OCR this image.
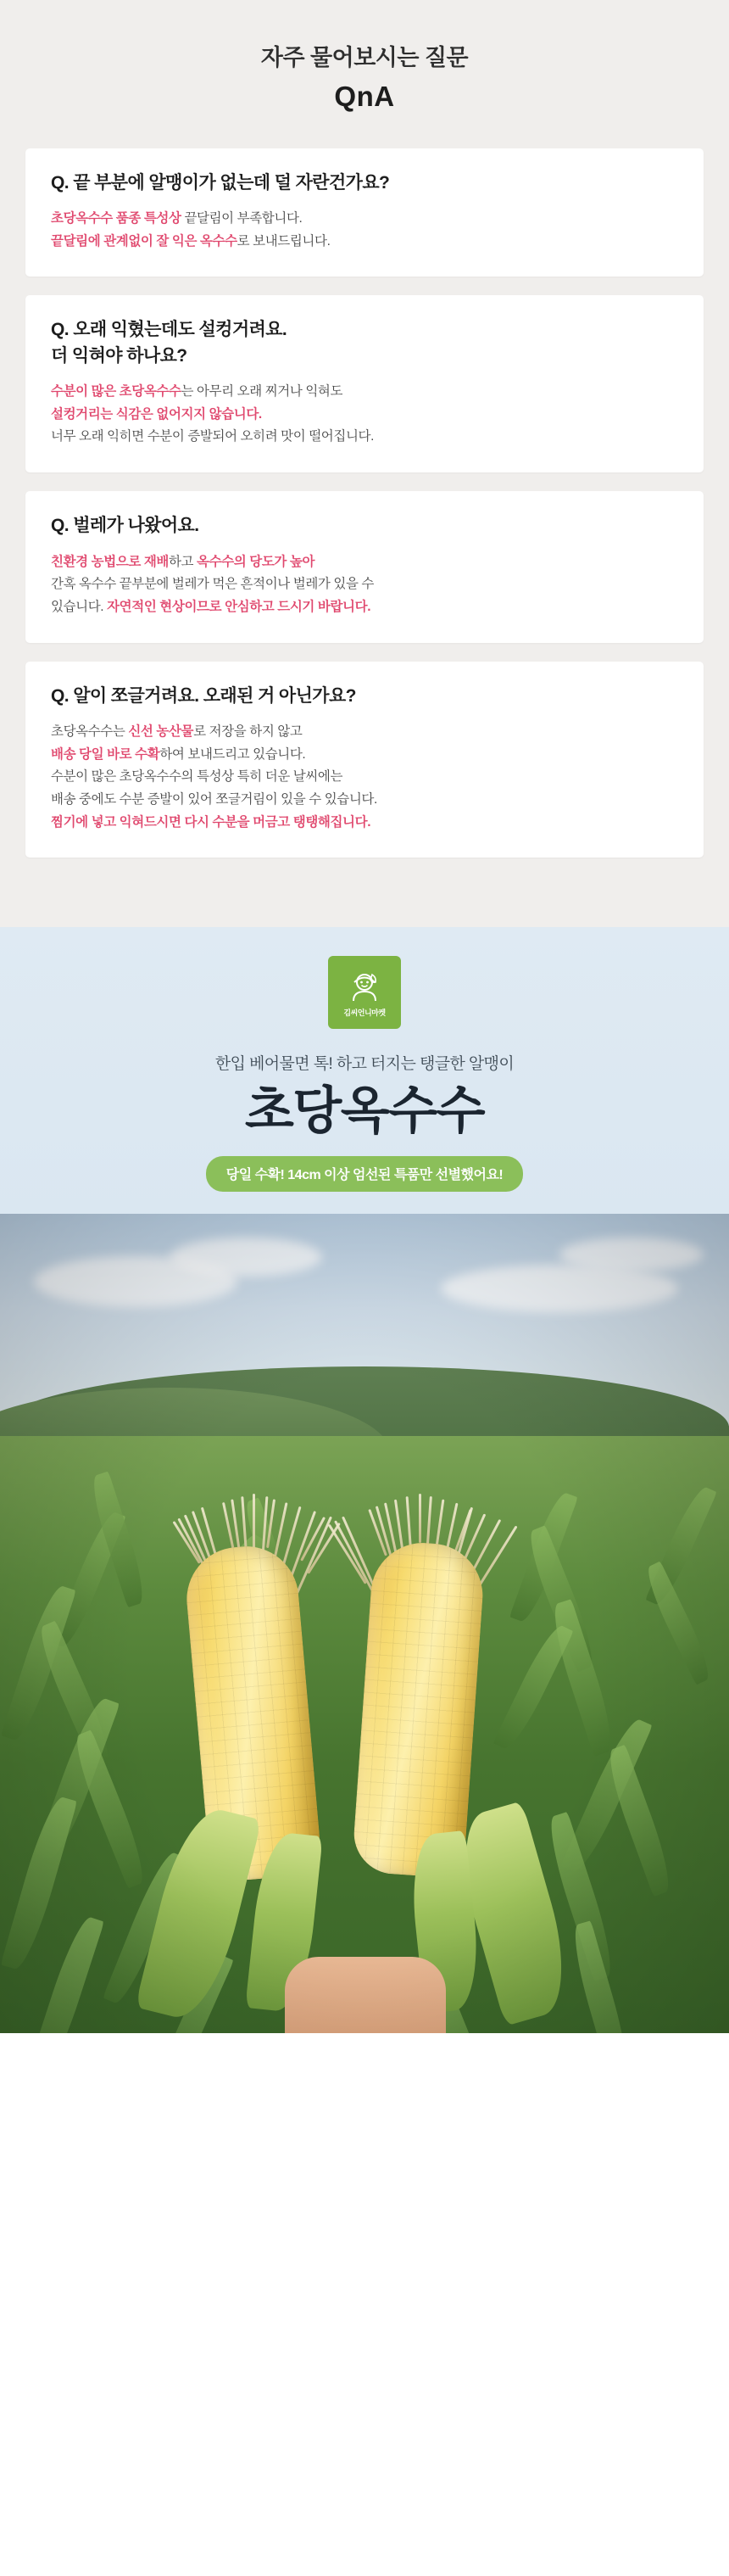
자주 물어보시는 질문
QnA
Q. 끝 부분에 알맹이가 없는데 덜 자란건가요?
초당옥수수 품종 특성상 끝달림이 부족합니다.
끝달림에 관계없이 잘 익은 옥수수로 보내드립니다.
Q. 오래 익혔는데도 설컹거려요.
더 익혀야 하나요?
수분이 많은 초당옥수수는 아무리 오래 찌거나 익혀도
설컹거리는 식감은 없어지지 않습니다.
너무 오래 익히면 수분이 증발되어 오히려 맛이 떨어집니다.
Q. 벌레가 나왔어요.
친환경 농법으로 재배하고 옥수수의 당도가 높아
간혹 옥수수 끝부분에 벌레가 먹은 흔적이나 벌레가 있을 수
있습니다. 자연적인 현상이므로 안심하고 드시기 바랍니다.
Q. 알이 쪼글거려요. 오래된 거 아닌가요?
초당옥수수는 신선 농산물로 저장을 하지 않고
배송 당일 바로 수확하여 보내드리고 있습니다.
수분이 많은 초당옥수수의 특성상 특히 더운 날씨에는
배송 중에도 수분 증발이 있어 쪼글거림이 있을 수 있습니다.
찜기에 넣고 익혀드시면 다시 수분을 머금고 탱탱해집니다.
김씨언니마켓
한입 베어물면 톡! 하고 터지는 탱글한 알맹이
초당옥수수
당일 수확! 14cm 이상 엄선된 특품만 선별했어요!
